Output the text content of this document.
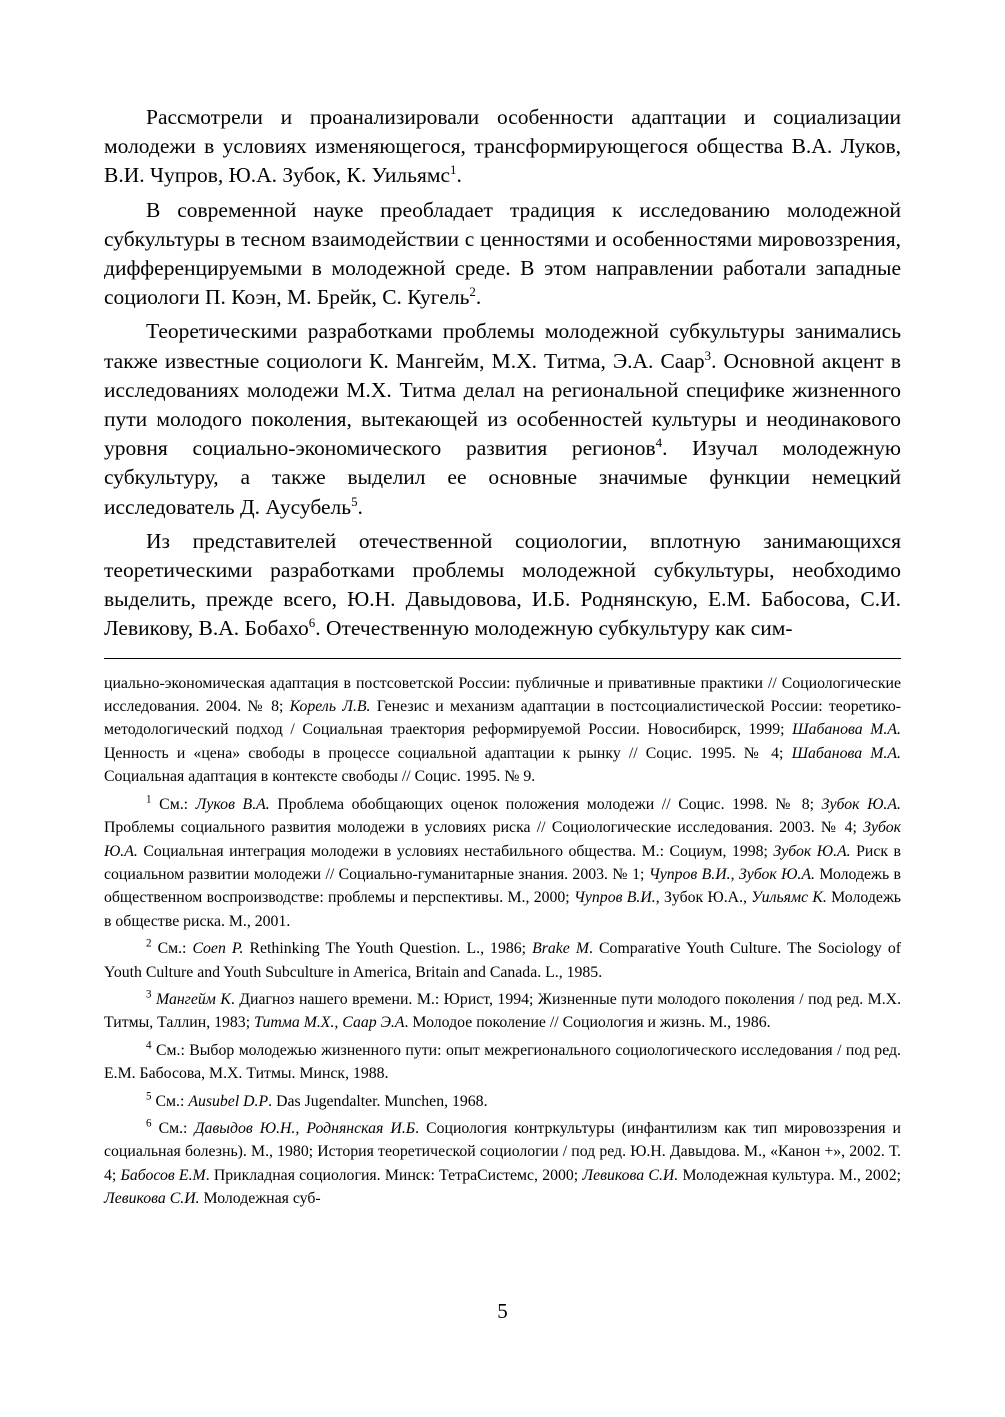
Рассмотрели и проанализировали особенности адаптации и социализации молодежи в условиях изменяющегося, трансформирующегося общества В.А. Луков, В.И. Чупров, Ю.А. Зубок, К. Уильямс$^1$.

В современной науке преобладает традиция к исследованию молодежной субкультуры в тесном взаимодействии с ценностями и особенностями мировоззрения, дифференцируемыми в молодежной среде. В этом направлении работали западные социологи П. Коэн, М. Брейк, С. Кугель$^2$.

Теоретическими разработками проблемы молодежной субкультуры занимались также известные социологи К. Мангейм, М.Х. Титма, Э.А. Саар$^3$. Основной акцент в исследованиях молодежи М.Х. Титма делал на региональной специфике жизненного пути молодого поколения, вытекающей из особенностей культуры и неодинакового уровня социально-экономического развития регионов$^4$. Изучал молодежную субкультуру, а также выделил ее основные значимые функции немецкий исследователь Д. Аусубель$^5$.

Из представителей отечественной социологии, вплотную занимающихся теоретическими разработками проблемы молодежной субкультуры, необходимо выделить, прежде всего, Ю.Н. Давыдовова, И.Б. Роднянскую, Е.М. Бабосова, С.И. Левикову, В.А. Бобахо$^6$. Отечественную молодежную субкультуру как сим-

циально-экономическая адаптация в постсоветской России: публичные и привативные практики // Социологические исследования. 2004. № 8; Корель Л.В. Генезис и механизм адаптации в постсоциалистической России: теоретико-методологический подход / Социальная траектория реформируемой России. Новосибирск, 1999; Шабанова М.А. Ценность и «цена» свободы в процессе социальной адаптации к рынку // Социс. 1995. № 4; Шабанова М.А. Социальная адаптация в контексте свободы // Социс. 1995. № 9.

$^1$ См.: Луков В.А. Проблема обобщающих оценок положения молодежи // Социс. 1998. № 8; Зубок Ю.А. Проблемы социального развития молодежи в условиях риска // Социологические исследования. 2003. № 4; Зубок Ю.А. Социальная интеграция молодежи в условиях нестабильного общества. М.: Социум, 1998; Зубок Ю.А. Риск в социальном развитии молодежи // Социально-гуманитарные знания. 2003. № 1; Чупров В.И., Зубок Ю.А. Молодежь в общественном воспроизводстве: проблемы и перспективы. М., 2000; Чупров В.И., Зубок Ю.А., Уильямс К. Молодежь в обществе риска. М., 2001.

$^2$ См.: Coen P. Rethinking The Youth Question. L., 1986; Brake M. Comparative Youth Culture. The Sociology of Youth Culture and Youth Subculture in America, Britain and Canada. L., 1985.

$^3$ Мангейм К. Диагноз нашего времени. М.: Юрист, 1994; Жизненные пути молодого поколения / под ред. М.Х. Титмы, Таллин, 1983; Титма М.Х., Саар Э.А. Молодое поколение // Социология и жизнь. М., 1986.

$^4$ См.: Выбор молодежью жизненного пути: опыт межрегионального социологического исследования / под ред. Е.М. Бабосова, М.Х. Титмы. Минск, 1988.

$^5$ См.: Ausubel D.P. Das Jugendalter. Munchen, 1968.

$^6$ См.: Давыдов Ю.Н., Роднянская И.Б. Социология контркультуры (инфантилизм как тип мировоззрения и социальная болезнь). М., 1980; История теоретической социологии / под ред. Ю.Н. Давыдова. М., «Канон +», 2002. Т. 4; Бабосов Е.М. Прикладная социология. Минск: ТетраСистемс, 2000; Левикова С.И. Молодежная культура. М., 2002; Левикова С.И. Молодежная суб-

5
